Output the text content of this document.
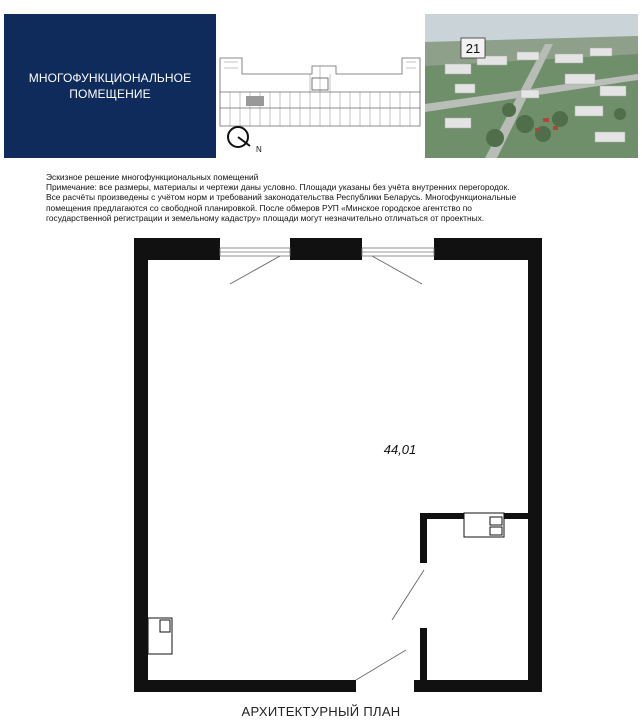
МНОГОФУНКЦИОНАЛЬНОЕ
ПОМЕЩЕНИЕ
N
21
Эскизное решение многофункциональных помещений
Примечание: все размеры, материалы и чертежи даны условно. Площади указаны без учёта внутренних перегородок.
Все расчёты произведены с учётом норм и требований законодательства Республики Беларусь. Многофункциональные
помещения предлагаются со свободной планировкой. После обмеров РУП «Минское городское агентство по
государственной регистрации и земельному кадастру» площади могут незначительно отличаться от проектных.
44,01
АРХИТЕКТУРНЫЙ ПЛАН
